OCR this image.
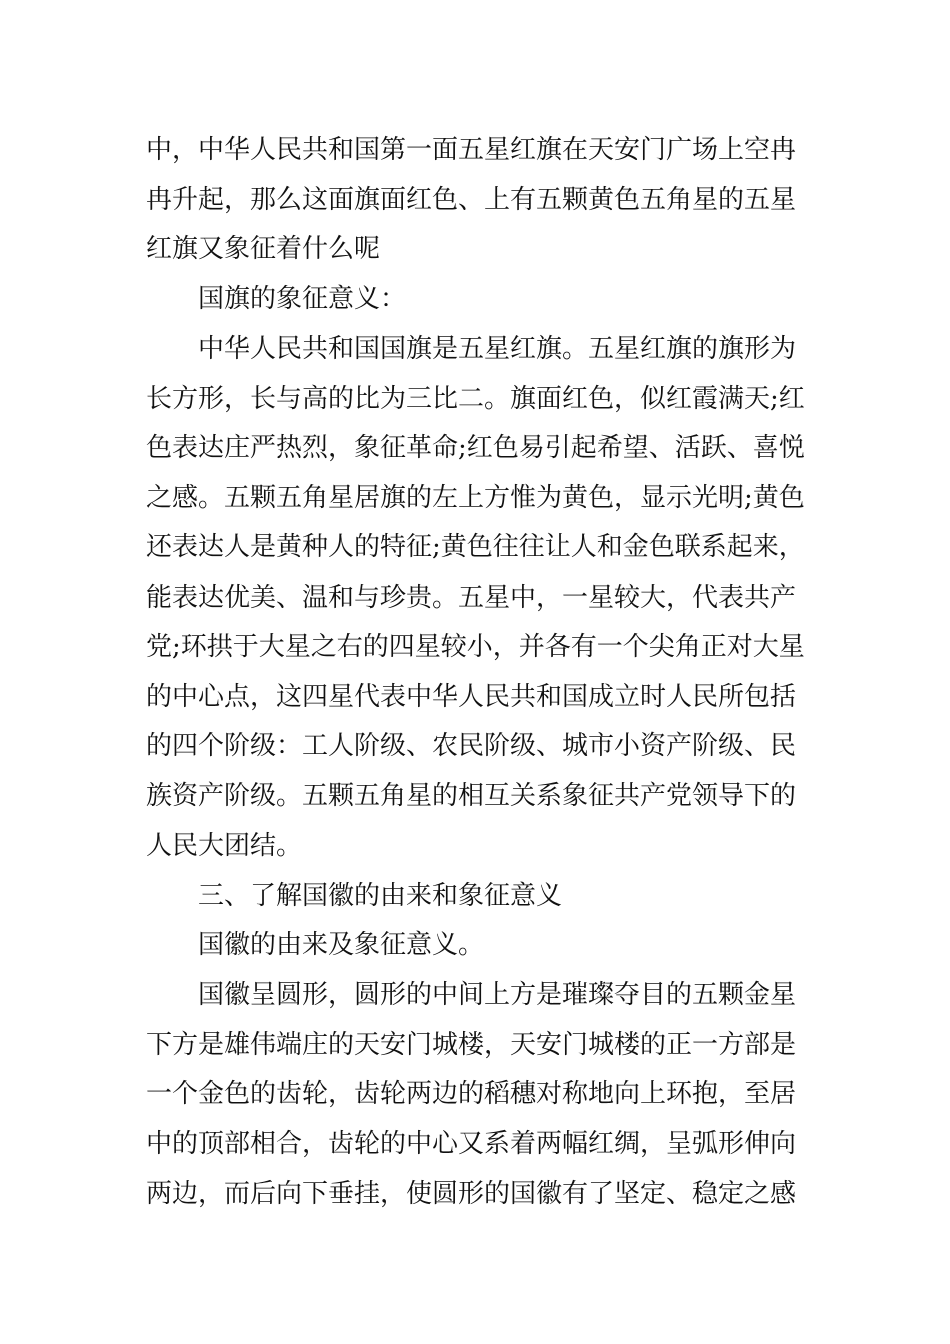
中，中华人民共和国第一面五星红旗在天安门广场上空冉
冉升起，那么这面旗面红色、上有五颗黄色五角星的五星
红旗又象征着什么呢
国旗的象征意义：
中华人民共和国国旗是五星红旗。五星红旗的旗形为
长方形，长与高的比为三比二。旗面红色，似红霞满天;红
色表达庄严热烈，象征革命;红色易引起希望、活跃、喜悦
之感。五颗五角星居旗的左上方惟为黄色，显示光明;黄色
还表达人是黄种人的特征;黄色往往让人和金色联系起来，
能表达优美、温和与珍贵。五星中，一星较大，代表共产
党;环拱于大星之右的四星较小，并各有一个尖角正对大星
的中心点，这四星代表中华人民共和国成立时人民所包括
的四个阶级：工人阶级、农民阶级、城市小资产阶级、民
族资产阶级。五颗五角星的相互关系象征共产党领导下的
人民大团结。
三、了解国徽的由来和象征意义
国徽的由来及象征意义。
国徽呈圆形，圆形的中间上方是璀璨夺目的五颗金星
下方是雄伟端庄的天安门城楼，天安门城楼的正一方部是
一个金色的齿轮，齿轮两边的稻穗对称地向上环抱，至居
中的顶部相合，齿轮的中心又系着两幅红绸，呈弧形伸向
两边，而后向下垂挂，使圆形的国徽有了坚定、稳定之感
